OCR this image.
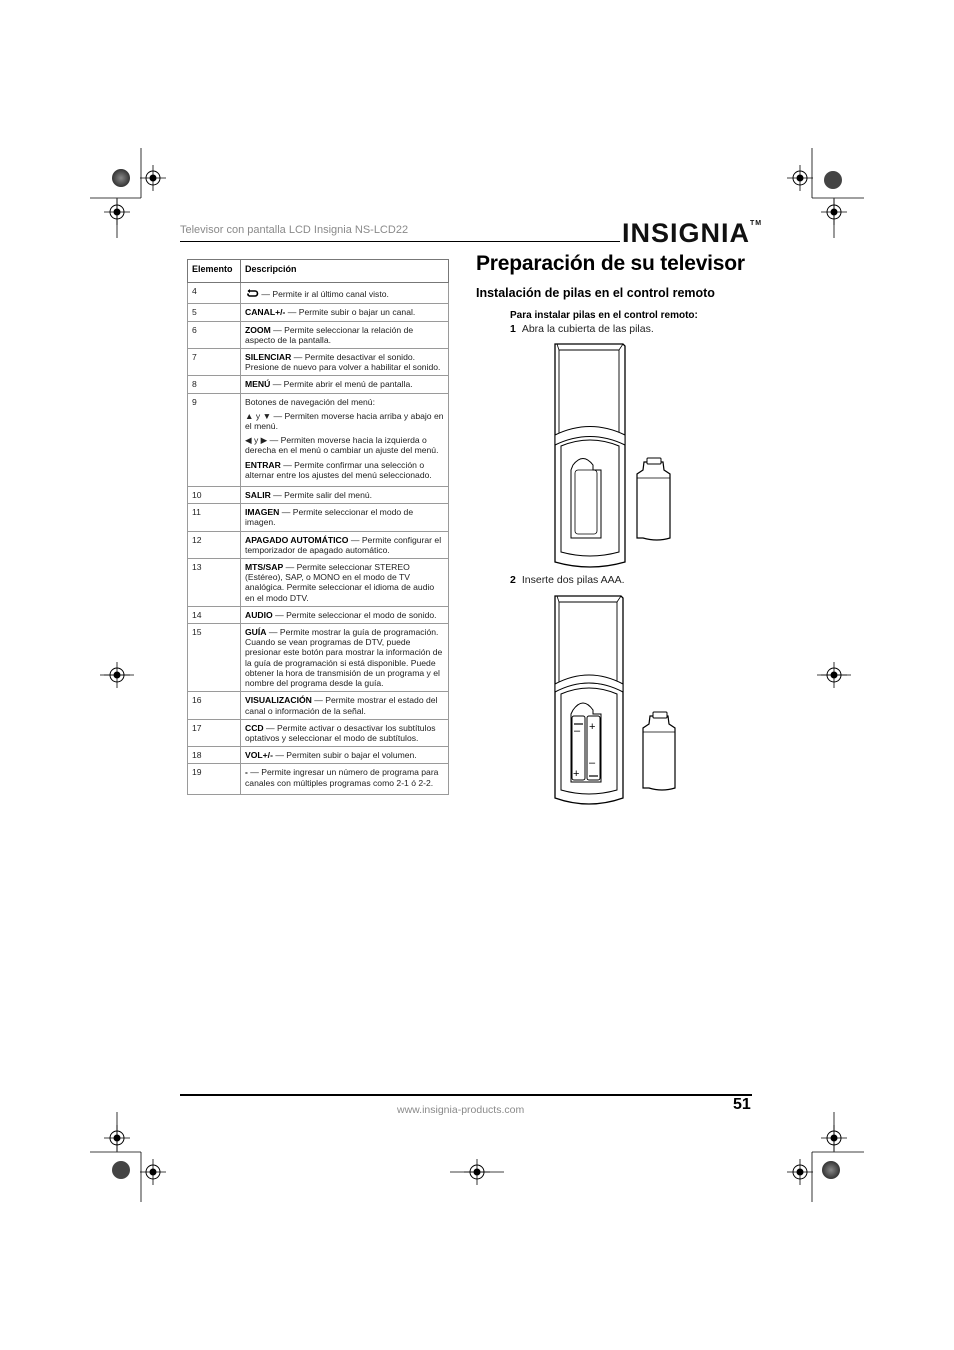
Televisor con pantalla LCD Insignia NS-LCD22	INSIGNIA™
Elemento	Descripción
4	— Permite ir al último canal visto.
5	CANAL+/- — Permite subir o bajar un canal.
6	ZOOM — Permite seleccionar la relación de aspecto de la pantalla.
7	SILENCIAR — Permite desactivar el sonido. Presione de nuevo para volver a habilitar el sonido.
8	MENÚ — Permite abrir el menú de pantalla.
9	Botones de navegación del menú:

▲ y ▼ — Permiten moverse hacia arriba y abajo en el menú.

◀ y ▶ — Permiten moverse hacia la izquierda o derecha en el menú o cambiar un ajuste del menú.

ENTRAR — Permite confirmar una selección o alternar entre los ajustes del menú seleccionado.

10	SALIR — Permite salir del menú.
11	IMAGEN — Permite seleccionar el modo de imagen.
12	APAGADO AUTOMÁTICO — Permite configurar el temporizador de apagado automático.
13	MTS/SAP — Permite seleccionar STEREO (Estéreo), SAP, o MONO en el modo de TV analógica. Permite seleccionar el idioma de audio en el modo DTV.
14	AUDIO — Permite seleccionar el modo de sonido.
15	GUÍA — Permite mostrar la guía de programación. Cuando se vean programas de DTV, puede presionar este botón para mostrar la información de la guía de programación si está disponible. Puede obtener la hora de transmisión de un programa y el nombre del programa desde la guía.
16	VISUALIZACIÓN — Permite mostrar el estado del canal o información de la señal.
17	CCD — Permite activar o desactivar los subtítulos optativos y seleccionar el modo de subtítulos.
18	VOL+/- — Permiten subir o bajar el volumen.
19	- — Permite ingresar un número de programa para canales con múltiples programas como 2-1 ó 2-2.
Preparación de su televisor
Instalación de pilas en el control remoto
Para instalar pilas en el control remoto:
1 Abra la cubierta de las pilas.
2 Inserte dos pilas AAA.
+
+
–
–
www.insignia-products.com	51
